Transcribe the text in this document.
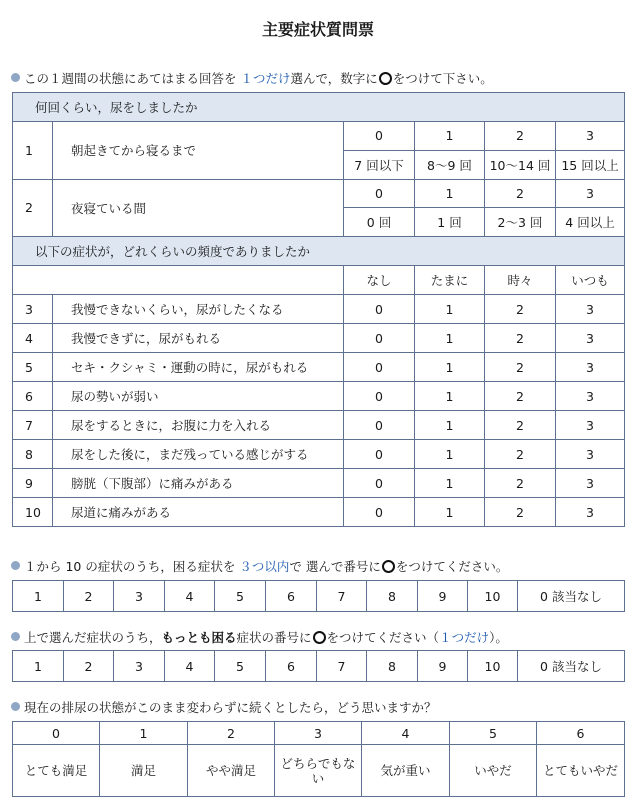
主要症状質問票
この１週間の状態にあてはまる回答を １つだけ選んで，数字に○をつけて下さい。
何回くらい，尿をしましたか					
1	朝起きてから寝るまで	0	1	2	3
		7 回以下	8〜9 回	10〜14 回	15 回以上
2	夜寝ている間	0	1	2	3
		0 回	1 回	2〜3 回	4 回以上
以下の症状が，どれくらいの頻度でありましたか					
		なし	たまに	時々	いつも
3	我慢できないくらい，尿がしたくなる	0	1	2	3
4	我慢できずに，尿がもれる	0	1	2	3
5	セキ・クシャミ・運動の時に，尿がもれる	0	1	2	3
6	尿の勢いが弱い	0	1	2	3
7	尿をするときに，お腹に力を入れる	0	1	2	3
8	尿をした後に，まだ残っている感じがする	0	1	2	3
9	膀胱（下腹部）に痛みがある	0	1	2	3
10	尿道に痛みがある	0	1	2	3
１から 10 の症状のうち，困る症状を ３つ以内で 選んで番号に○をつけてください。
1	2	3	4	5	6	7	8	9	10	0 該当なし
上で選んだ症状のうち，もっとも困る症状の番号に○をつけてください（１つだけ）。
1	2	3	4	5	6	7	8	9	10	0 該当なし
現在の排尿の状態がこのまま変わらずに続くとしたら，どう思いますか？
0	1	2	3	4	5	6
とても満足	満足	やや満足	どちらでもない	気が重い	いやだ	とてもいやだ
